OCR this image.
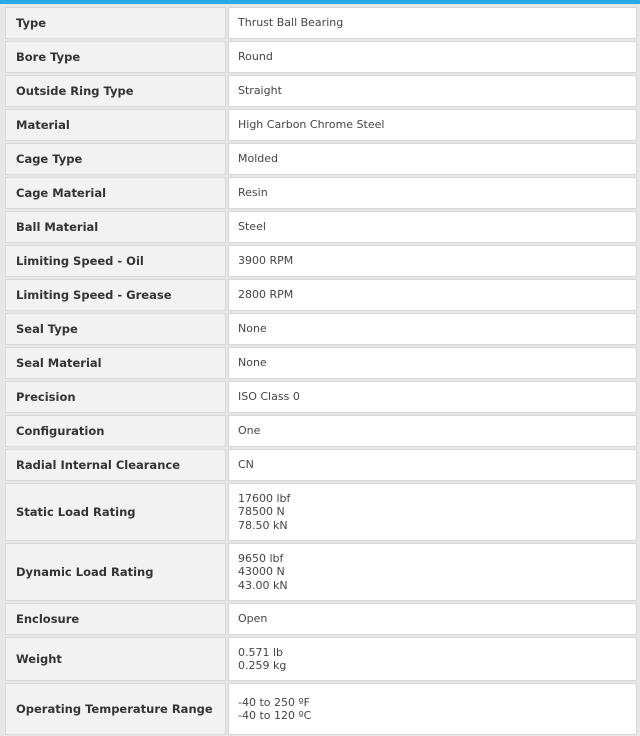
Type	Thrust Ball Bearing

Bore Type	Round

Outside Ring Type	Straight

Material	High Carbon Chrome Steel

Cage Type	Molded

Cage Material	Resin

Ball Material	Steel

Limiting Speed - Oil	3900 RPM

Limiting Speed - Grease	2800 RPM

Seal Type	None

Seal Material	None

Precision	ISO Class 0

Configuration	One

Radial Internal Clearance	CN

Static Load Rating	17600 lbf
78500 N
78.50 kN

Dynamic Load Rating	9650 lbf
43000 N
43.00 kN

Enclosure	Open

Weight	0.571 lb
0.259 kg

Operating Temperature Range	-40 to 250 ºF
-40 to 120 ºC
